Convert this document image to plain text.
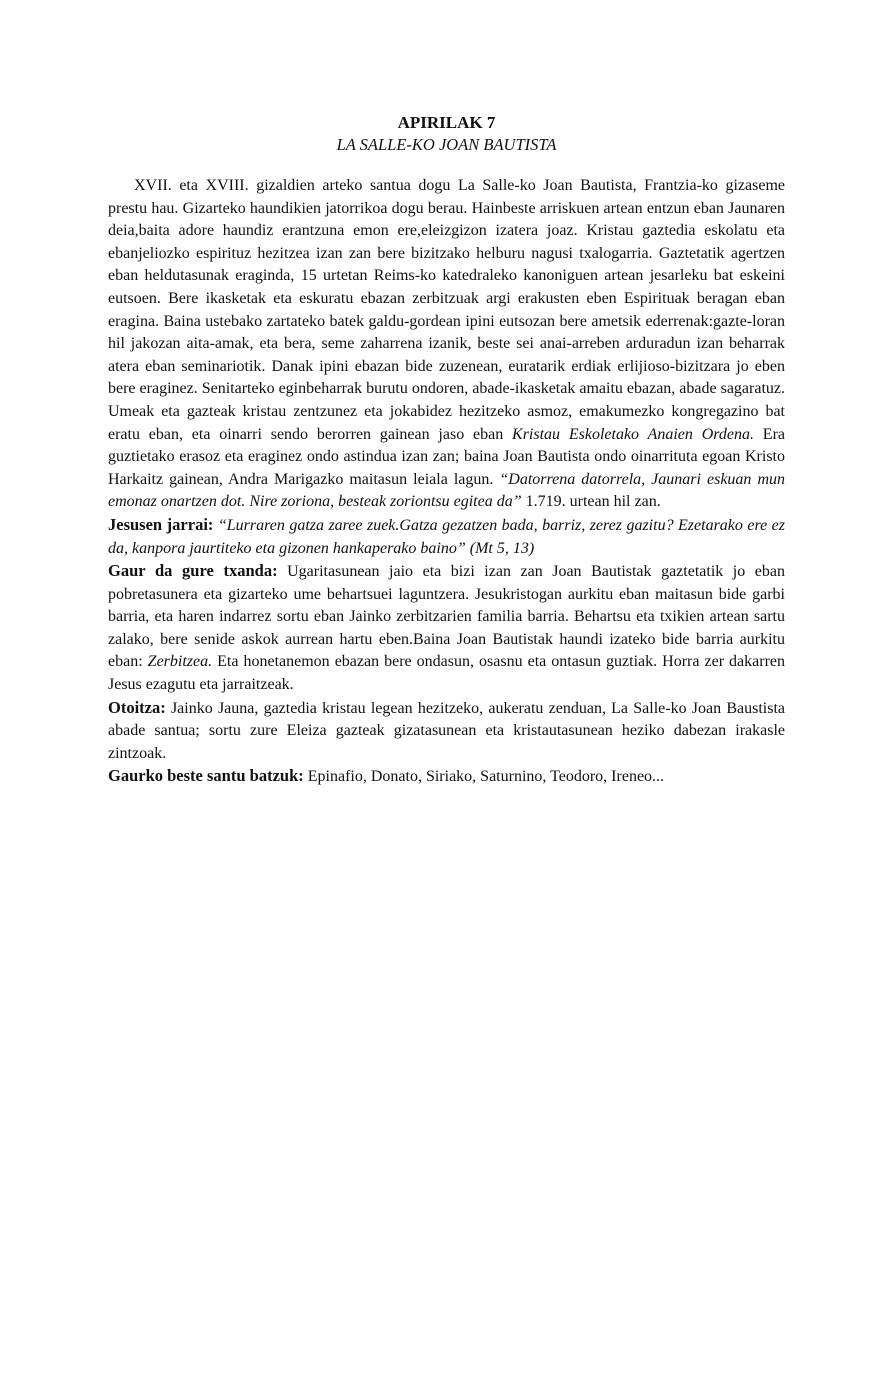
APIRILAK 7
LA SALLE-KO JOAN BAUTISTA

XVII. eta XVIII. gizaldien arteko santua dogu La Salle-ko Joan Bautista, Frantzia-ko gizaseme prestu hau. Gizarteko haundikien jatorrikoa dogu berau. Hainbeste arriskuen artean entzun eban Jaunaren deia,baita adore haundiz erantzuna emon ere,eleizgizon izatera joaz. Kristau gaztedia eskolatu eta ebanjeliozko espirituz hezitzea izan zan bere bizitzako helburu nagusi txalogarria. Gaztetatik agertzen eban heldutasunak eraginda, 15 urtetan Reims-ko katedraleko kanoniguen artean jesarleku bat eskeini eutsoen. Bere ikasketak eta eskuratu ebazan zerbitzuak argi erakusten eben Espirituak beragan eban eragina. Baina ustebako zartateko batek galdu-gordean ipini eutsozan bere ametsik ederrenak:gazte-loran hil jakozan aita-amak, eta bera, seme zaharrena izanik, beste sei anai-arreben arduradun izan beharrak atera eban seminariotik. Danak ipini ebazan bide zuzenean, euratarik erdiak erlijioso-bizitzara jo eben bere eraginez. Senitarteko eginbeharrak burutu ondoren, abade-ikasketak amaitu ebazan, abade sagaratuz. Umeak eta gazteak kristau zentzunez eta jokabidez hezitzeko asmoz, emakumezko kongregazino bat eratu eban, eta oinarri sendo berorren gainean jaso eban Kristau Eskoletako Anaien Ordena. Era guztietako erasoz eta eraginez ondo astindua izan zan; baina Joan Bautista ondo oinarrituta egoan Kristo Harkaitz gainean, Andra Marigazko maitasun leiala lagun. “Datorrena datorrela, Jaunari eskuan mun emonaz onartzen dot. Nire zoriona, besteak zoriontsu egitea da” 1.719. urtean hil zan.

Jesusen jarrai: “Lurraren gatza zaree zuek.Gatza gezatzen bada, barriz, zerez gazitu? Ezetarako ere ez da, kanpora jaurtiteko eta gizonen hankaperako baino” (Mt 5, 13)

Gaur da gure txanda: Ugaritasunean jaio eta bizi izan zan Joan Bautistak gaztetatik jo eban pobretasunera eta gizarteko ume behartsuei laguntzera. Jesukristogan aurkitu eban maitasun bide garbi barria, eta haren indarrez sortu eban Jainko zerbitzarien familia barria. Behartsu eta txikien artean sartu zalako, bere senide askok aurrean hartu eben.Baina Joan Bautistak haundi izateko bide barria aurkitu eban: Zerbitzea. Eta honetanemon ebazan bere ondasun, osasnu eta ontasun guztiak. Horra zer dakarren Jesus ezagutu eta jarraitzeak.

Otoitza: Jainko Jauna, gaztedia kristau legean hezitzeko, aukeratu zenduan, La Salle-ko Joan Baustista abade santua; sortu zure Eleiza gazteak gizatasunean eta kristautasunean heziko dabezan irakasle zintzoak.

Gaurko beste santu batzuk: Epinafio, Donato, Siriako, Saturnino, Teodoro, Ireneo...
